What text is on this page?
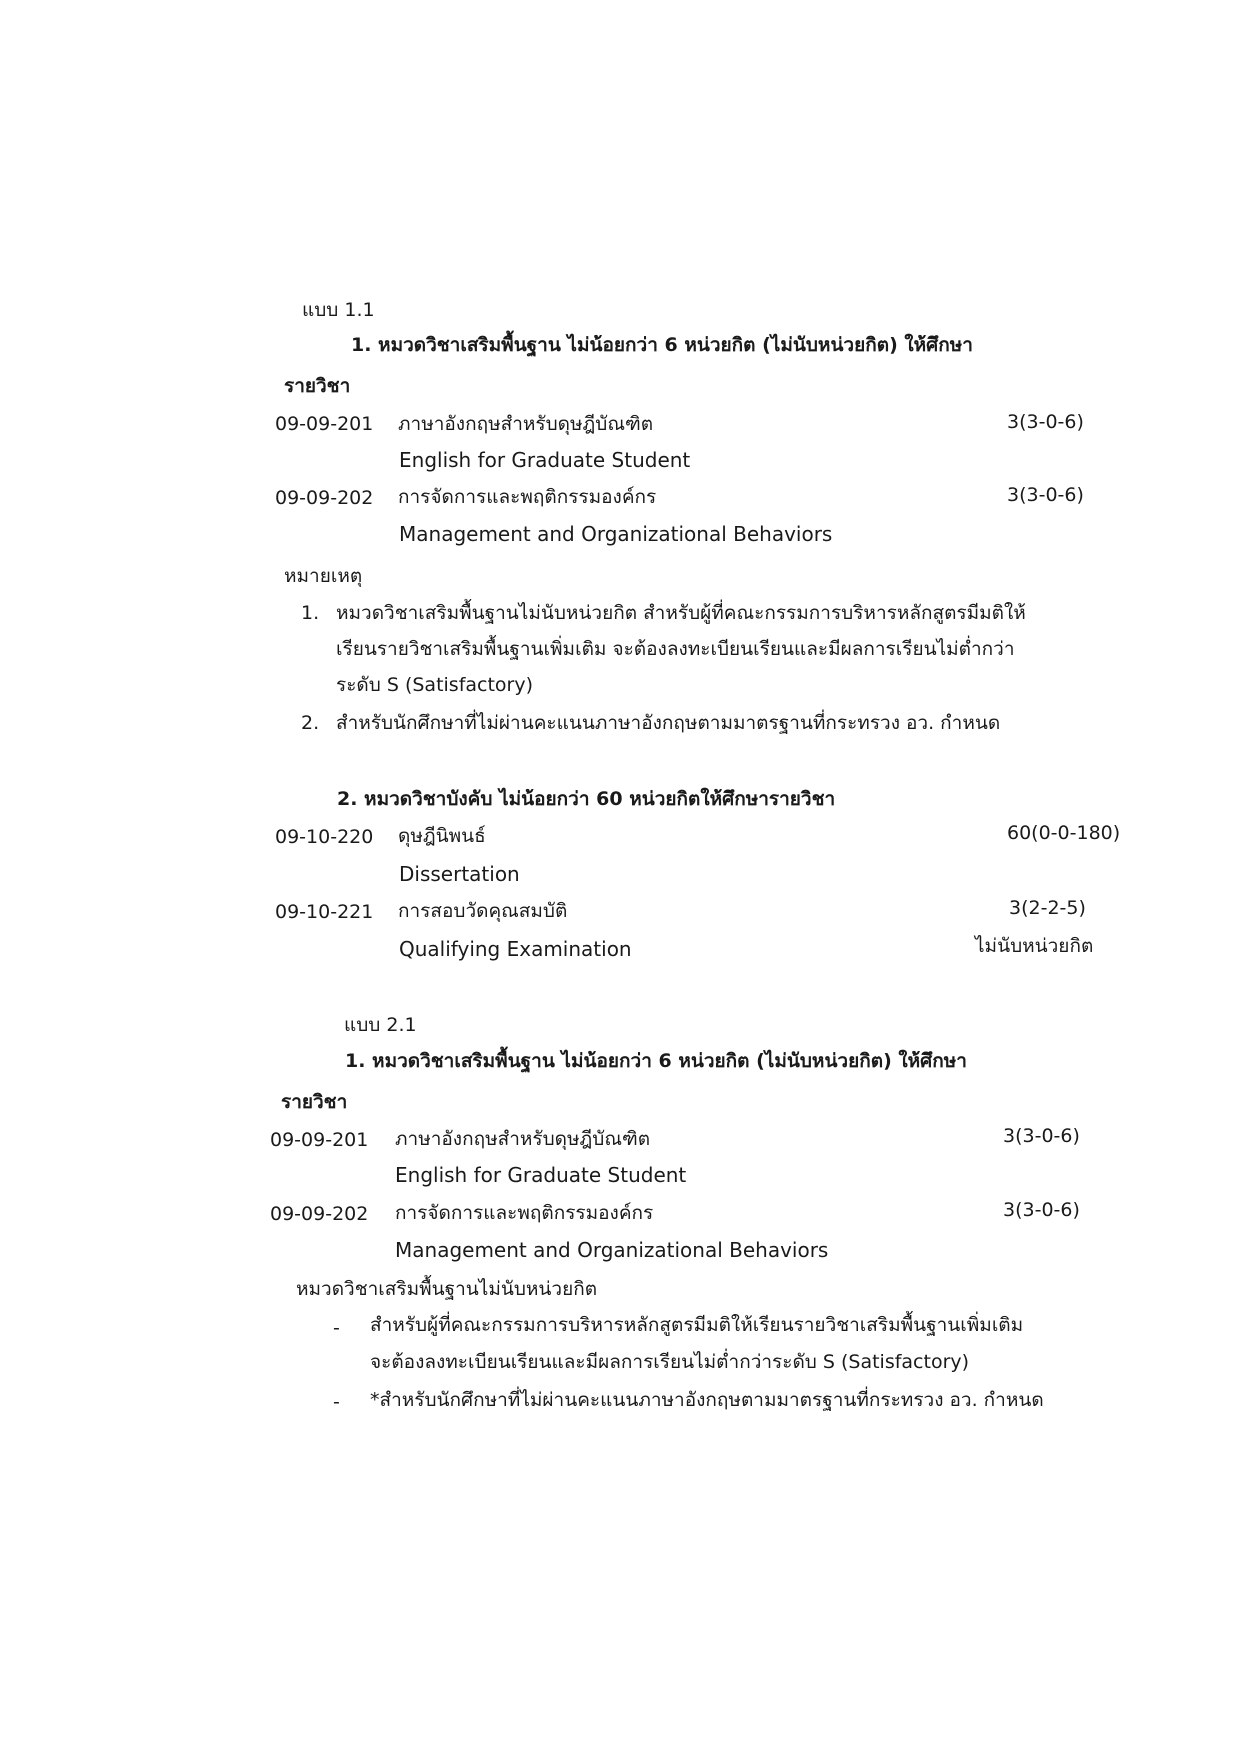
แบบ 1.1
1. หมวดวิชาเสริมพื้นฐาน ไม่น้อยกว่า 6 หน่วยกิต (ไม่นับหน่วยกิต) ให้ศึกษา
รายวิชา
09-09-201 ภาษาอังกฤษสำหรับดุษฎีบัณฑิต	3(3-0-6)
English for Graduate Student
09-09-202 การจัดการและพฤติกรรมองค์กร	3(3-0-6)
Management and Organizational Behaviors
หมายเหตุ
1. หมวดวิชาเสริมพื้นฐานไม่นับหน่วยกิต สำหรับผู้ที่คณะกรรมการบริหารหลักสูตรมีมติให้
เรียนรายวิชาเสริมพื้นฐานเพิ่มเติม จะต้องลงทะเบียนเรียนและมีผลการเรียนไม่ต่ำกว่า
ระดับ S (Satisfactory)
2. สำหรับนักศึกษาที่ไม่ผ่านคะแนนภาษาอังกฤษตามมาตรฐานที่กระทรวง อว. กำหนด
2. หมวดวิชาบังคับ ไม่น้อยกว่า 60 หน่วยกิตให้ศึกษารายวิชา
09-10-220 ดุษฎีนิพนธ์	60(0-0-180)
Dissertation
09-10-221 การสอบวัดคุณสมบัติ	3(2-2-5)
Qualifying Examination	ไม่นับหน่วยกิต
แบบ 2.1
1. หมวดวิชาเสริมพื้นฐาน ไม่น้อยกว่า 6 หน่วยกิต (ไม่นับหน่วยกิต) ให้ศึกษา
รายวิชา
09-09-201 ภาษาอังกฤษสำหรับดุษฎีบัณฑิต	3(3-0-6)
English for Graduate Student
09-09-202 การจัดการและพฤติกรรมองค์กร	3(3-0-6)
Management and Organizational Behaviors
หมวดวิชาเสริมพื้นฐานไม่นับหน่วยกิต
- สำหรับผู้ที่คณะกรรมการบริหารหลักสูตรมีมติให้เรียนรายวิชาเสริมพื้นฐานเพิ่มเติม
จะต้องลงทะเบียนเรียนและมีผลการเรียนไม่ต่ำกว่าระดับ S (Satisfactory)
- *สำหรับนักศึกษาที่ไม่ผ่านคะแนนภาษาอังกฤษตามมาตรฐานที่กระทรวง อว. กำหนด
